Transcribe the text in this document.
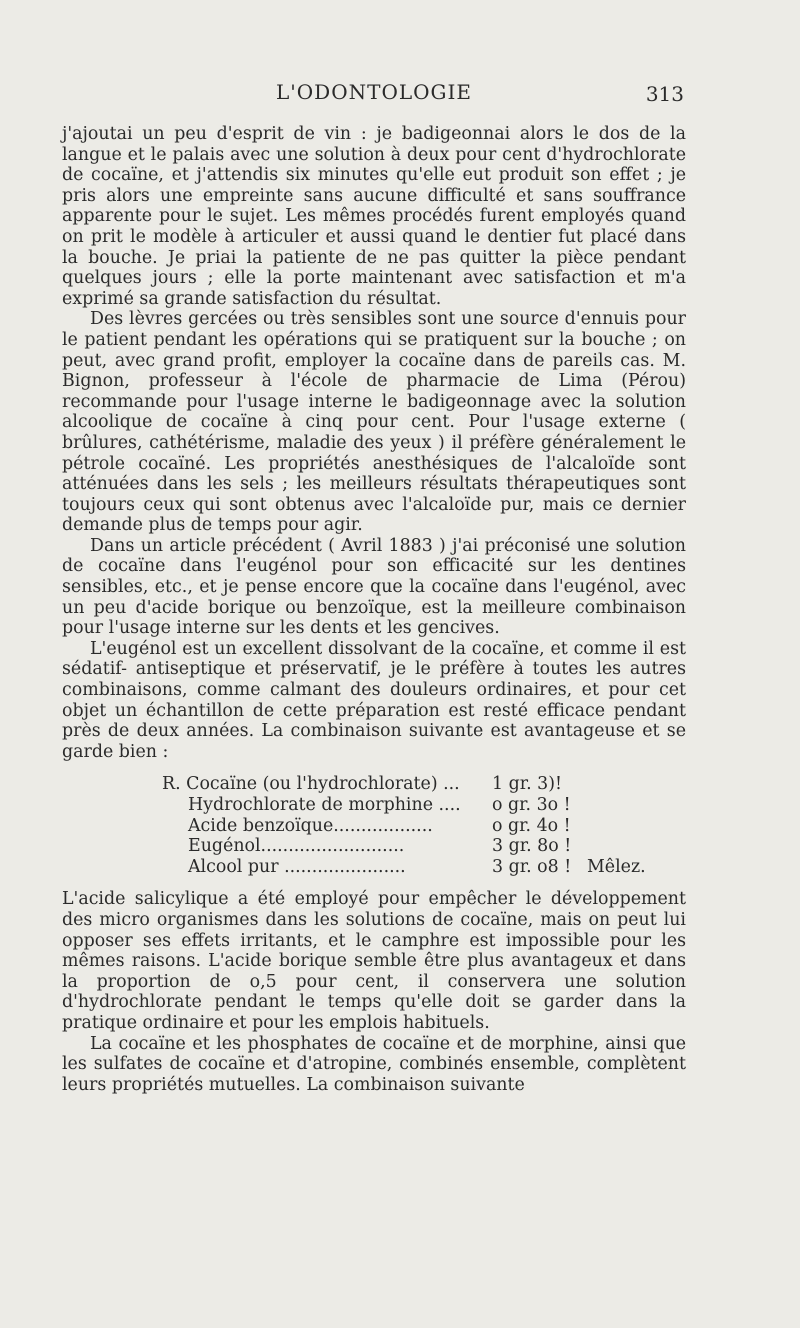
L'ODONTOLOGIE	313

j'ajoutai un peu d'esprit de vin : je badigeonnai alors le dos de la langue et le palais avec une solution à deux pour cent d'hydrochlorate de cocaïne, et j'attendis six minutes qu'elle eut produit son effet ; je pris alors une empreinte sans aucune difficulté et sans souffrance apparente pour le sujet. Les mêmes procédés furent employés quand on prit le modèle à articuler et aussi quand le dentier fut placé dans la bouche. Je priai la patiente de ne pas quitter la pièce pendant quelques jours ; elle la porte maintenant avec satisfaction et m'a exprimé sa grande satisfaction du résultat.

Des lèvres gercées ou très sensibles sont une source d'ennuis pour le patient pendant les opérations qui se pratiquent sur la bouche ; on peut, avec grand profit, employer la cocaïne dans de pareils cas. M. Bignon, professeur à l'école de pharmacie de Lima (Pérou) recommande pour l'usage interne le badigeonnage avec la solution alcoolique de cocaïne à cinq pour cent. Pour l'usage externe ( brûlures, cathétérisme, maladie des yeux ) il préfère généralement le pétrole cocaïné. Les propriétés anesthésiques de l'alcaloïde sont atténuées dans les sels ; les meilleurs résultats thérapeutiques sont toujours ceux qui sont obtenus avec l'alcaloïde pur, mais ce dernier demande plus de temps pour agir.

Dans un article précédent ( Avril 1883 ) j'ai préconisé une solution de cocaïne dans l'eugénol pour son efficacité sur les dentines sensibles, etc., et je pense encore que la cocaïne dans l'eugénol, avec un peu d'acide borique ou benzoïque, est la meilleure combinaison pour l'usage interne sur les dents et les gencives.

L'eugénol est un excellent dissolvant de la cocaïne, et comme il est sédatif- antiseptique et préservatif, je le préfère à toutes les autres combinaisons, comme calmant des douleurs ordinaires, et pour cet objet un échantillon de cette préparation est resté efficace pendant près de deux années. La combinaison suivante est avantageuse et se garde bien :

R. Cocaïne (ou l'hydrochlorate) ...	1 gr. 3)!
Hydrochlorate de morphine ....	o gr. 3o !
Acide benzoïque..................	o gr. 4o !
Eugénol..........................	3 gr. 8o !
Alcool pur ......................	3 gr. o8 ! Mêlez.

L'acide salicylique a été employé pour empêcher le développement des micro organismes dans les solutions de cocaïne, mais on peut lui opposer ses effets irritants, et le camphre est impossible pour les mêmes raisons. L'acide borique semble être plus avantageux et dans la proportion de o,5 pour cent, il conservera une solution d'hydrochlorate pendant le temps qu'elle doit se garder dans la pratique ordinaire et pour les emplois habituels.

La cocaïne et les phosphates de cocaïne et de morphine, ainsi que les sulfates de cocaïne et d'atropine, combinés ensemble, complètent leurs propriétés mutuelles. La combinaison suivante
